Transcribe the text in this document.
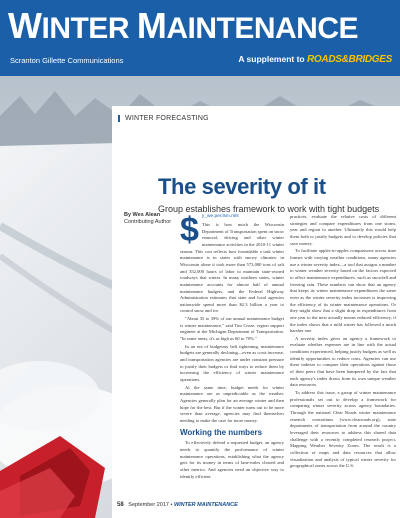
WINTER MAINTENANCE
Scranton Gillette Communications	A supplement to ROADS&BRIDGES
WINTER FORECASTING
The severity of it
Group establishes framework to work with tight budgets
By Wes Alean
Contributing Author $ y_we.per.lsm.mls

This is how much the Wisconsin Department of Transportation spent on snow removal, deicing and other winter maintenance activities in the 2010-11 winter season. This cost reflects how formidable a task winter maintenance is in states with snowy climates: in Wisconsin alone it took more than 573,000 tons of salt and 352,000 hours of labor to maintain state-owned roadways that winter. In many northern states, winter maintenance accounts for almost half of annual maintenance budgets, and the Federal Highway Administration estimates that state and local agencies nationwide spend more than $2.3 billion a year to control snow and ice.

"About 35 to 39% of our annual maintenance budget is winter maintenance," said Tim Croze, region support engineer at the Michigan Department of Transportation. "In some areas, it's as high as 60 to 70%."

In an era of budgetary belt tightening, maintenance budgets are generally declining—even as costs increase, and transportation agencies are under constant pressure to justify their budgets or find ways to reduce them by increasing the efficiency of winter maintenance operations.

At the same time, budget needs for winter maintenance are as unpredictable as the weather. Agencies generally plan for an average winter and then hope for the best. But if the winter turns out to be more severe than average, agencies may find themselves needing to make the case for more money.

Working the numbers

To effectively defend a requested budget, an agency needs to quantify the performance of winter maintenance operations, establishing what the agency gets for its money in terms of lane-miles cleared and other metrics. And agencies need an objective way to identify efficient

practices, evaluate the relative costs of different strategies and compare expenditures from one storm, year and region to another. Ultimately this would help them both to justify budgets and to develop policies that save money.

To facilitate apples-to-apples comparisons across time frames with varying weather conditions, many agencies use a winter severity index—a tool that assigns a number to winter weather severity based on the factors expected to affect maintenance expenditures, such as snowfall and freezing rain. These numbers can show that an agency that keeps its winter maintenance expenditures the same even as the winter severity index increases is improving the efficiency of its winter maintenance operations. Or they might show that a slight drop in expenditures from one year to the next actually means reduced efficiency, if the index shows that a mild winter has followed a much harsher one.

A severity index gives an agency a framework to evaluate whether expenses are in line with the actual conditions experienced, helping justify budgets as well as identify opportunities to reduce costs. Agencies can use these indexes to compare their operations against those of their peers that have been hampered by the fact that each agency's index draws from its own unique weather data resources.

To address this issue, a group of winter maintenance professionals set out to develop a framework for comparing winter severity across agency boundaries. Through the national Clear Roads winter maintenance research consortium (www.clearroads.org), state departments of transportation from around the country leveraged their resources to address this shared data challenge with a recently completed research project, Mapping Weather Severity Zones. The result is a collection of maps and data resources that allow visualization and analysis of typical winter severity for geographical zones across the U.S.

58 September 2017 • WINTER MAINTENANCE
